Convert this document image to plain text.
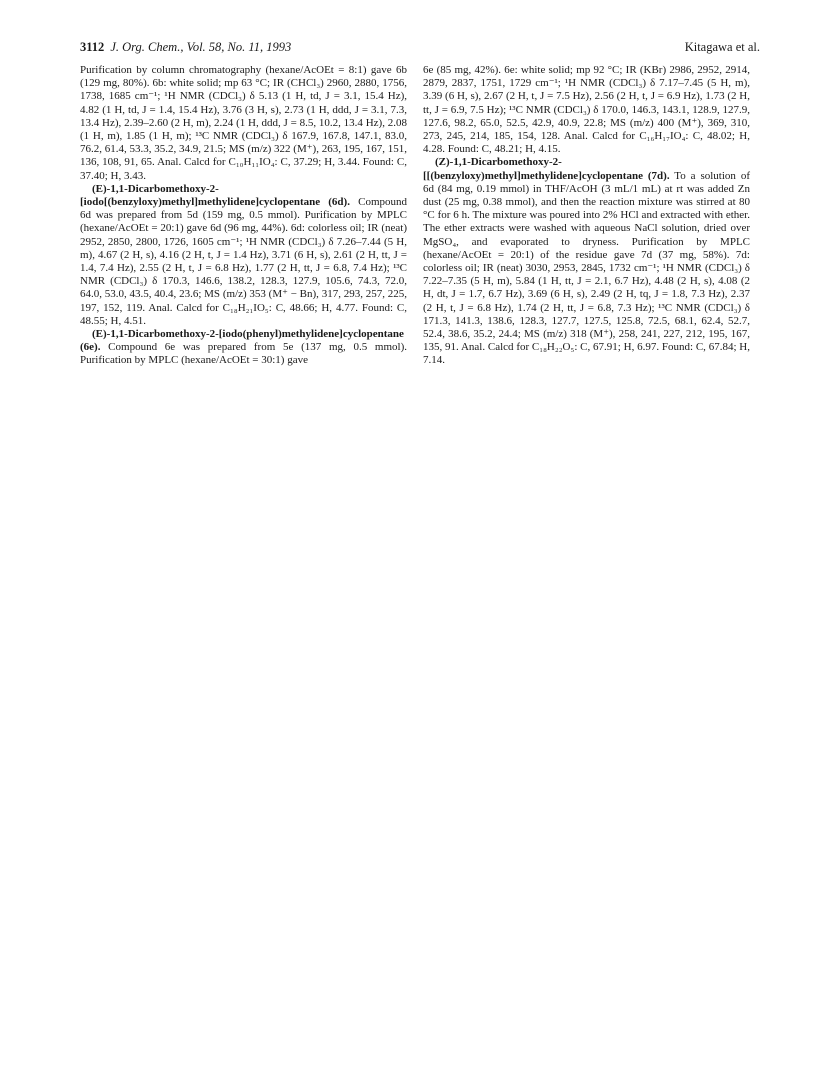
3112 J. Org. Chem., Vol. 58, No. 11, 1993	Kitagawa et al.

Purification by column chromatography (hexane/AcOEt = 8:1) gave 6b (129 mg, 80%). 6b: white solid; mp 63 °C; IR (CHCl₃) 2960, 2880, 1756, 1738, 1685 cm⁻¹; ¹H NMR (CDCl₃) δ 5.13 (1 H, td, J = 3.1, 15.4 Hz), 4.82 (1 H, td, J = 1.4, 15.4 Hz), 3.76 (3 H, s), 2.73 (1 H, ddd, J = 3.1, 7.3, 13.4 Hz), 2.39–2.60 (2 H, m), 2.24 (1 H, ddd, J = 8.5, 10.2, 13.4 Hz), 2.08 (1 H, m), 1.85 (1 H, m); ¹³C NMR (CDCl₃) δ 167.9, 167.8, 147.1, 83.0, 76.2, 61.4, 53.3, 35.2, 34.9, 21.5; MS (m/z) 322 (M⁺), 263, 195, 167, 151, 136, 108, 91, 65. Anal. Calcd for C₁₀H₁₁IO₄: C, 37.29; H, 3.44. Found: C, 37.40; H, 3.43.

(E)-1,1-Dicarbomethoxy-2-[iodo[(benzyloxy)methyl]methylidene]cyclopentane (6d). Compound 6d was prepared from 5d (159 mg, 0.5 mmol). Purification by MPLC (hexane/AcOEt = 20:1) gave 6d (96 mg, 44%). 6d: colorless oil; IR (neat) 2952, 2850, 2800, 1726, 1605 cm⁻¹; ¹H NMR (CDCl₃) δ 7.26–7.44 (5 H, m), 4.67 (2 H, s), 4.16 (2 H, t, J = 1.4 Hz), 3.71 (6 H, s), 2.61 (2 H, tt, J = 1.4, 7.4 Hz), 2.55 (2 H, t, J = 6.8 Hz), 1.77 (2 H, tt, J = 6.8, 7.4 Hz); ¹³C NMR (CDCl₃) δ 170.3, 146.6, 138.2, 128.3, 127.9, 105.6, 74.3, 72.0, 64.0, 53.0, 43.5, 40.4, 23.6; MS (m/z) 353 (M⁺ − Bn), 317, 293, 257, 225, 197, 152, 119. Anal. Calcd for C₁₈H₂₁IO₅: C, 48.66; H, 4.77. Found: C, 48.55; H, 4.51.

(E)-1,1-Dicarbomethoxy-2-[iodo(phenyl)methylidene]cyclopentane (6e). Compound 6e was prepared from 5e (137 mg, 0.5 mmol). Purification by MPLC (hexane/AcOEt = 30:1) gave

6e (85 mg, 42%). 6e: white solid; mp 92 °C; IR (KBr) 2986, 2952, 2914, 2879, 2837, 1751, 1729 cm⁻¹; ¹H NMR (CDCl₃) δ 7.17–7.45 (5 H, m), 3.39 (6 H, s), 2.67 (2 H, t, J = 7.5 Hz), 2.56 (2 H, t, J = 6.9 Hz), 1.73 (2 H, tt, J = 6.9, 7.5 Hz); ¹³C NMR (CDCl₃) δ 170.0, 146.3, 143.1, 128.9, 127.9, 127.6, 98.2, 65.0, 52.5, 42.9, 40.9, 22.8; MS (m/z) 400 (M⁺), 369, 310, 273, 245, 214, 185, 154, 128. Anal. Calcd for C₁₆H₁₇IO₄: C, 48.02; H, 4.28. Found: C, 48.21; H, 4.15.

(Z)-1,1-Dicarbomethoxy-2-[[(benzyloxy)methyl]methylidene]cyclopentane (7d). To a solution of 6d (84 mg, 0.19 mmol) in THF/AcOH (3 mL/1 mL) at rt was added Zn dust (25 mg, 0.38 mmol), and then the reaction mixture was stirred at 80 °C for 6 h. The mixture was poured into 2% HCl and extracted with ether. The ether extracts were washed with aqueous NaCl solution, dried over MgSO₄, and evaporated to dryness. Purification by MPLC (hexane/AcOEt = 20:1) of the residue gave 7d (37 mg, 58%). 7d: colorless oil; IR (neat) 3030, 2953, 2845, 1732 cm⁻¹; ¹H NMR (CDCl₃) δ 7.22–7.35 (5 H, m), 5.84 (1 H, tt, J = 2.1, 6.7 Hz), 4.48 (2 H, s), 4.08 (2 H, dt, J = 1.7, 6.7 Hz), 3.69 (6 H, s), 2.49 (2 H, tq, J = 1.8, 7.3 Hz), 2.37 (2 H, t, J = 6.8 Hz), 1.74 (2 H, tt, J = 6.8, 7.3 Hz); ¹³C NMR (CDCl₃) δ 171.3, 141.3, 138.6, 128.3, 127.7, 127.5, 125.8, 72.5, 68.1, 62.4, 52.7, 52.4, 38.6, 35.2, 24.4; MS (m/z) 318 (M⁺), 258, 241, 227, 212, 195, 167, 135, 91. Anal. Calcd for C₁₈H₂₂O₅: C, 67.91; H, 6.97. Found: C, 67.84; H, 7.14.
